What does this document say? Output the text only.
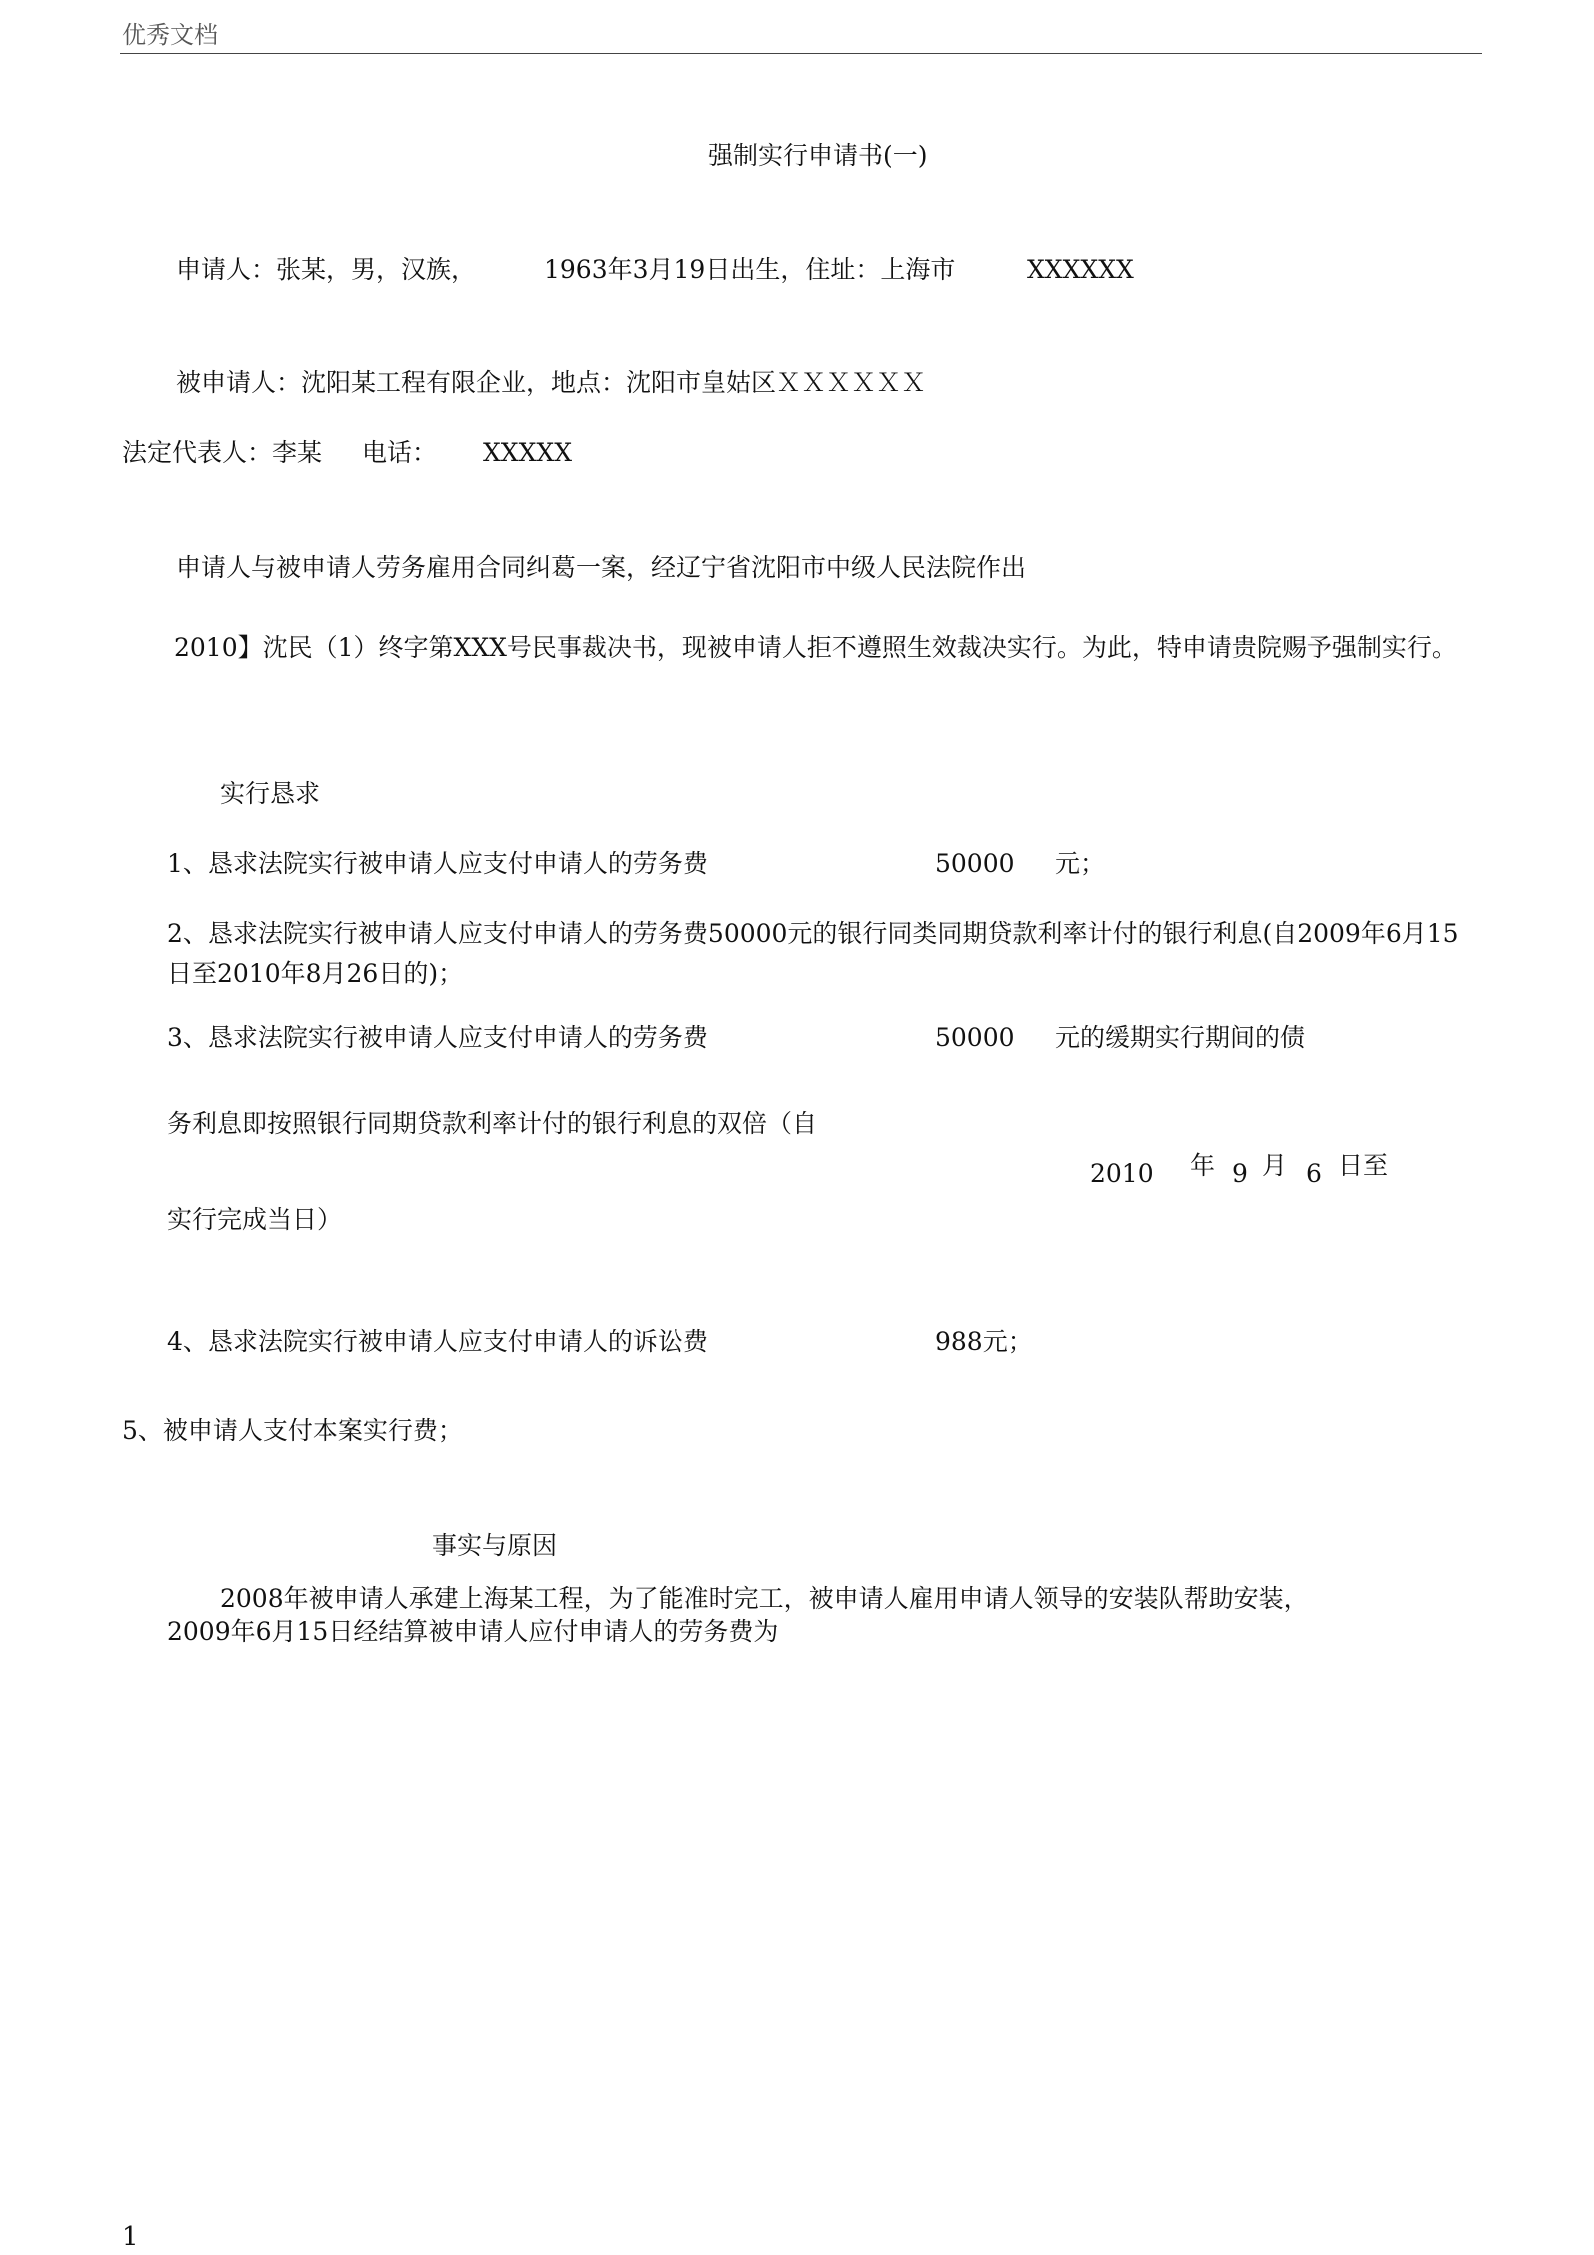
优秀文档
强制实行申请书(一)
申请人：张某，男，汉族，	1963年3月19日出生，住址：上海市	XXXXXX
被申请人：沈阳某工程有限企业，地点：沈阳市皇姑区ＸＸＸＸＸＸ
法定代表人：李某 电话： XXXXX
申请人与被申请人劳务雇用合同纠葛一案，经辽宁省沈阳市中级人民法院作出
2010】沈民（1）终字第XXX号民事裁决书，现被申请人拒不遵照生效裁决实行。为此，特申请贵院赐予强制实行。
实行恳求
1、恳求法院实行被申请人应支付申请人的劳务费	50000 元；
2、恳求法院实行被申请人应支付申请人的劳务费50000元的银行同类同期贷款利率计付的银行利息(自2009年6月15日至2010年8月26日的)；
3、恳求法院实行被申请人应支付申请人的劳务费	50000 元的缓期实行期间的债
务利息即按照银行同期贷款利率计付的银行利息的双倍（自
2010 年 9 月 6 日至
实行完成当日）
4、恳求法院实行被申请人应支付申请人的诉讼费	988元；
5、被申请人支付本案实行费；
事实与原因
2008年被申请人承建上海某工程，为了能准时完工，被申请人雇用申请人领导的安装队帮助安装，
2009年6月15日经结算被申请人应付申请人的劳务费为
1
